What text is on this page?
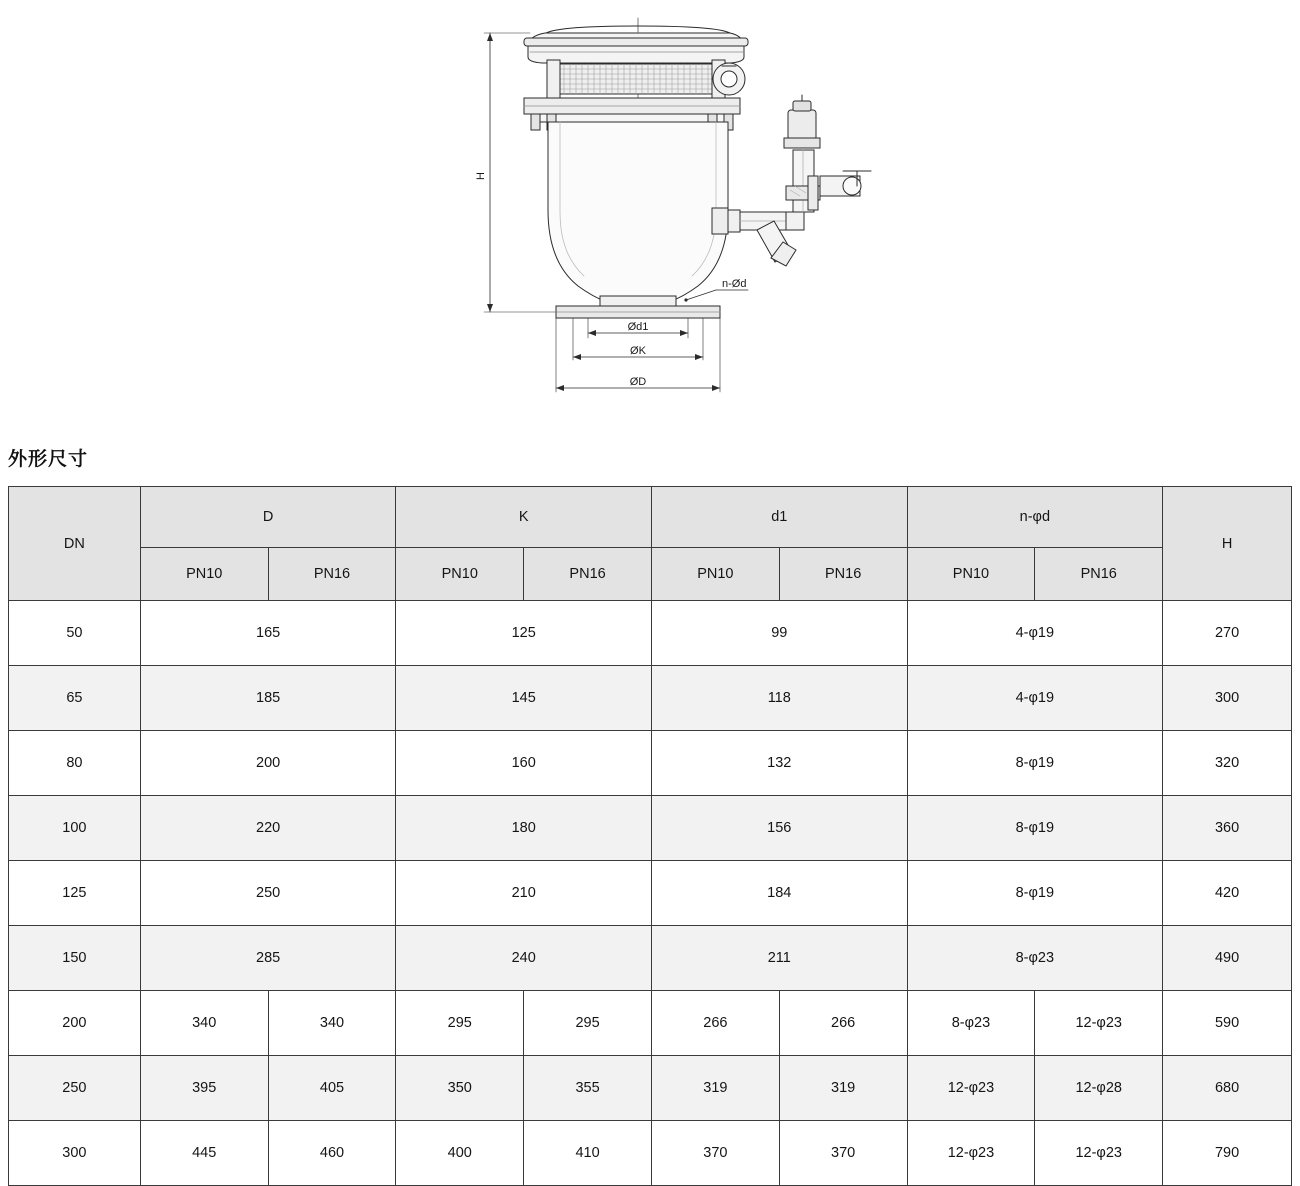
H
Ød1
ØK
ØD
n-Ød
外形尺寸
DN	D		K		d1		n-φd		H
	PN10	PN16	PN10	PN16	PN10	PN16	PN10	PN16	
50	165		125		99		4-φ19		270
65	185		145		118		4-φ19		300
80	200		160		132		8-φ19		320
100	220		180		156		8-φ19		360
125	250		210		184		8-φ19		420
150	285		240		211		8-φ23		490
200	340	340	295	295	266	266	8-φ23	12-φ23	590
250	395	405	350	355	319	319	12-φ23	12-φ28	680
300	445	460	400	410	370	370	12-φ23	12-φ23	790
